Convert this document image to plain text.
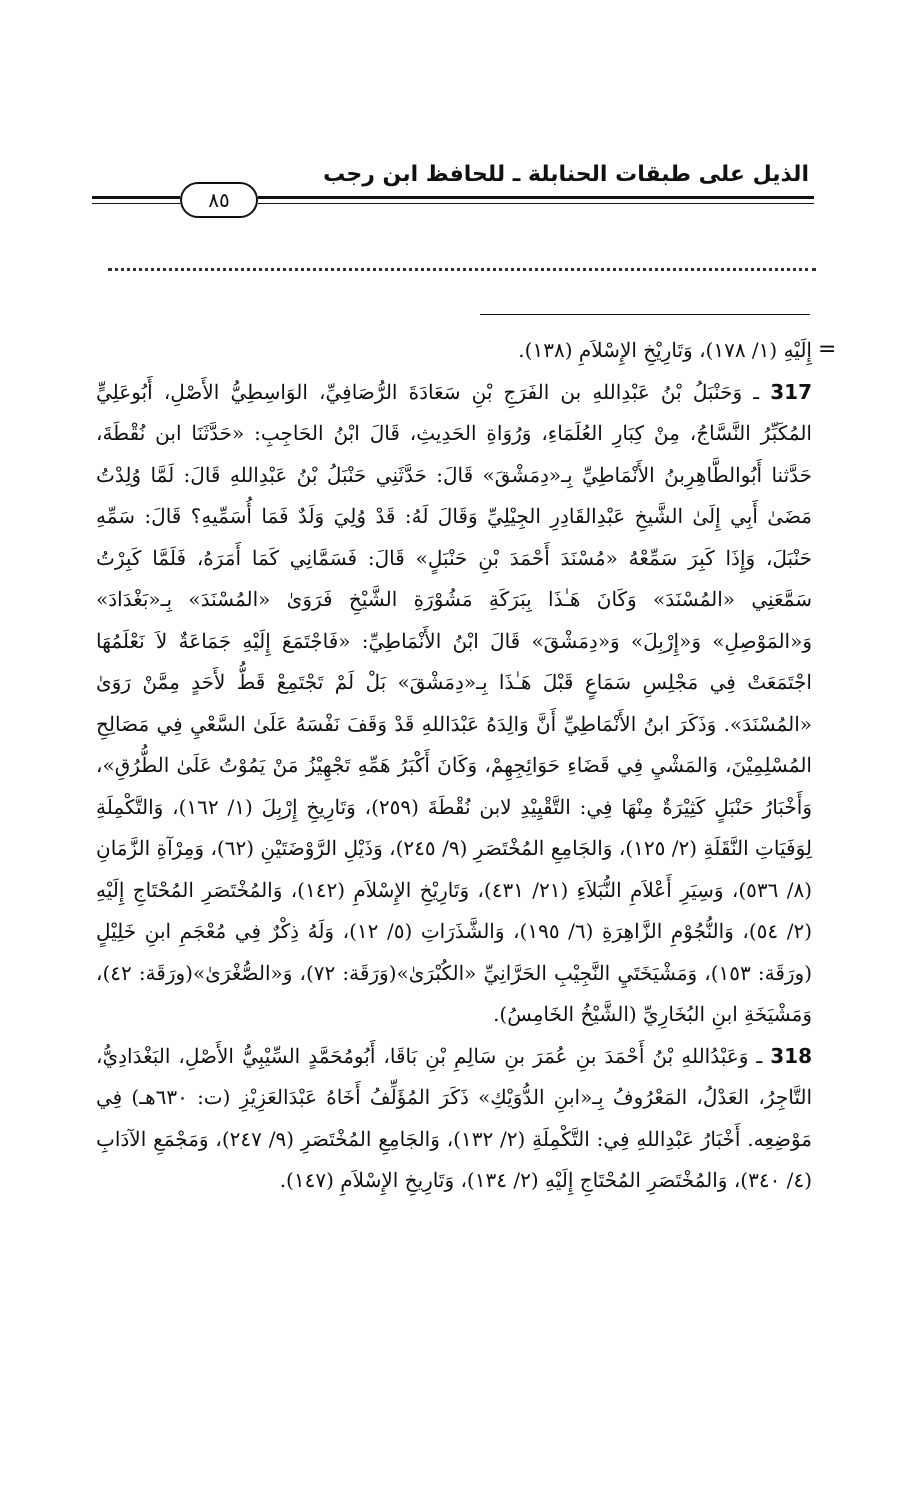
الذيل على طبقات الحنابلة ـ للحافظ ابن رجب
٨٥
=

إِلَيْهِ (١/ ١٧٨)، وَتَارِيْخِ الإِسْلاَمِ (١٣٨).

317 ـ وَحَنْبَلُ بْنُ عَبْدِاللهِ بن الفَرَجِ بْنِ سَعَادَةَ الرُّصَافِيِّ، الوَاسِطِيُّ الأَصْلِ، أَبُوعَلِيٍّ المُكَبِّرُ النَّسَّاجُ، مِنْ كِبَارِ العُلَمَاءِ، وَرُوَاةِ الحَدِيثِ، قَالَ ابْنُ الحَاجِبِ: «حَدَّثَنَا ابن نُقْطَةَ، حَدَّثنا أَبُوالطَّاهِرِبنُ الأَنْمَاطِيِّ بِـ«دِمَشْقَ» قَالَ: حَدَّثَنِي حَنْبَلُ بْنُ عَبْدِاللهِ قَالَ: لَمَّا وُلِدْتُ مَضَىٰ أَبِي إِلَىٰ الشَّيخِ عَبْدِالقَادِرِ الجِيْلِيِّ وَقَالَ لَهُ: قَدْ وُلِيَ وَلَدٌ فَمَا أُسَمِّيهِ؟ قَالَ: سَمِّهِ حَنْبَلَ، وَإِذَا كَبِرَ سَمِّعْهُ «مُسْنَدَ أَحْمَدَ بْنِ حَنْبَلٍ» قَالَ: فَسَمَّانِي كَمَا أَمَرَهُ، فَلَمَّا كَبِرْتُ سَمَّعَنِي «المُسْنَدَ» وَكَانَ هَـٰذَا بِبَرَكَةِ مَشُوْرَةِ الشَّيْخِ فَرَوَىٰ «المُسْنَدَ» بِـ«بَغْدَادَ» وَ«المَوْصِلِ» وَ«إِرْبِلَ» وَ«دِمَشْقَ» قَالَ ابْنُ الأَنْمَاطِيِّ: «فَاجْتَمَعَ إِلَيْهِ جَمَاعَةٌ لاَ نَعْلَمُهَا اجْتَمَعَتْ فِي مَجْلِسِ سَمَاعٍ قَبْلَ هَـٰذَا بِـ«دِمَشْقَ» بَلْ لَمْ تَجْتَمِعْ قَطُّ لأَحَدٍ مِمَّنْ رَوَىٰ «المُسْنَدَ». وَذَكَرَ ابنُ الأَنْمَاطِيِّ أَنَّ وَالِدَهُ عَبْدَاللهِ قَدْ وَقَفَ نَفْسَهُ عَلَىٰ السَّعْيِ فِي مَصَالِحِ المُسْلِمِيْنَ، وَالمَشْيِ فِي قَضَاءِ حَوَائِجِهِمْ، وَكَانَ أَكْبَرُ هَمِّهِ تَجْهِيْزُ مَنْ يَمُوْتُ عَلَىٰ الطُّرُقِ»، وَأَخْبَارُ حَنْبَلٍ كَثِيْرَةٌ مِنْهَا فِي: التَّقْيِيْدِ لابن نُقْطَةَ (٢٥٩)، وَتَارِيخِ إِرْبِلَ (١/ ١٦٢)، وَالتَّكْمِلَةِ لِوَفَيَاتِ النَّقَلَةِ (٢/ ١٢٥)، وَالجَامِعِ المُخْتَصَرِ (٩/ ٢٤٥)، وَذَيْلِ الرَّوْضَتَيْنِ (٦٢)، وَمِرْآةِ الزَّمَانِ (٨/ ٥٣٦)، وَسِيَرِ أَعْلاَمِ النُّبَلاَءِ (٢١/ ٤٣١)، وَتَارِيْخِ الإِسْلاَمِ (١٤٢)، وَالمُخْتَصَرِ المُحْتَاجِ إِلَيْهِ (٢/ ٥٤)، وَالنُّجُوْمِ الزَّاهِرَةِ (٦/ ١٩٥)، وَالشَّذَرَاتِ (٥/ ١٢)، وَلَهُ ذِكْرٌ فِي مُعْجَمِ ابنِ خَلِيْلٍ (ورَقَة: ١٥٣)، وَمَشْيَخَتَيِ النَّجِيْبِ الحَرَّانِيِّ «الكُبْرَىٰ»(وَرَقَة: ٧٢)، وَ«الصُّغْرَىٰ»(ورَقَة: ٤٢)، وَمَشْيَخَةِ ابنِ البُخَارِيِّ (الشَّيْخُ الخَامِسُ).

318 ـ وَعَبْدُاللهِ بْنُ أَحْمَدَ بنِ عُمَرَ بنِ سَالِمِ بْنِ بَاقَا، أَبُومُحَمَّدٍ السِّيْبِيُّ الأَصْلِ، البَغْدَادِيُّ، التَّاجِرُ، العَدْلُ، المَعْرُوفُ بِـ«ابنِ الدُّوَيْكِ» ذَكَرَ المُؤَلِّفُ أَخَاهُ عَبْدَالعَزِيْزِ (ت: ٦٣٠هـ) فِي مَوْضِعِه. أَخْبَارُ عَبْدِاللهِ فِي: التَّكْمِلَةِ (٢/ ١٣٢)، وَالجَامِعِ المُخْتَصَرِ (٩/ ٢٤٧)، وَمَجْمَعِ الآدَابِ (٤/ ٣٤٠)، وَالمُخْتَصَرِ المُحْتَاجِ إِلَيْهِ (٢/ ١٣٤)، وَتَارِيخِ الإِسْلاَمِ (١٤٧).
